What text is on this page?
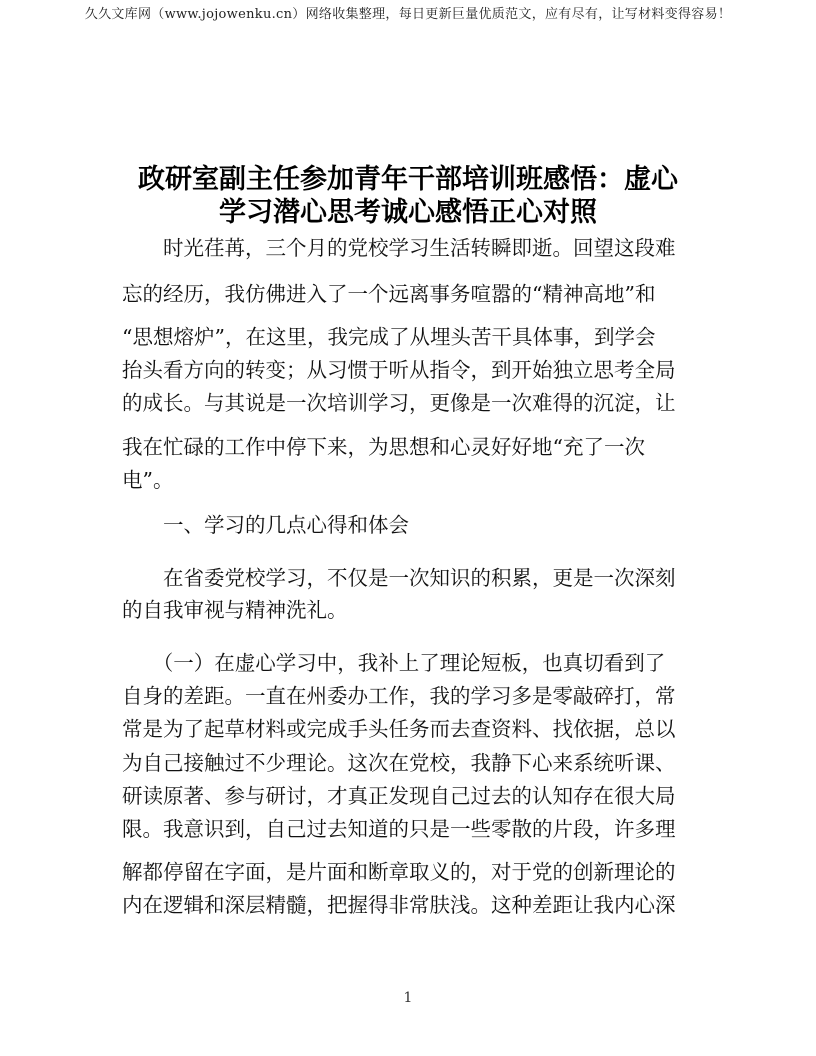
久久文库网（www.jojowenku.cn）网络收集整理，每日更新巨量优质范文，应有尽有，让写材料变得容易！
政研室副主任参加青年干部培训班感悟：虚心
学习潜心思考诚心感悟正心对照
　　时光荏苒，三个月的党校学习生活转瞬即逝。回望这段难
忘的经历，我仿佛进入了一个远离事务喧嚣的“精神高地”和
“思想熔炉”，在这里，我完成了从埋头苦干具体事，到学会
抬头看方向的转变；从习惯于听从指令，到开始独立思考全局
的成长。与其说是一次培训学习，更像是一次难得的沉淀，让
我在忙碌的工作中停下来，为思想和心灵好好地“充了一次
电”。
　　一、学习的几点心得和体会
　　在省委党校学习，不仅是一次知识的积累，更是一次深刻
的自我审视与精神洗礼。
　　（一）在虚心学习中，我补上了理论短板，也真切看到了
自身的差距。一直在州委办工作，我的学习多是零敲碎打，常
常是为了起草材料或完成手头任务而去查资料、找依据，总以
为自己接触过不少理论。这次在党校，我静下心来系统听课、
研读原著、参与研讨，才真正发现自己过去的认知存在很大局
限。我意识到，自己过去知道的只是一些零散的片段，许多理
解都停留在字面，是片面和断章取义的，对于党的创新理论的
内在逻辑和深层精髓，把握得非常肤浅。这种差距让我内心深
1
